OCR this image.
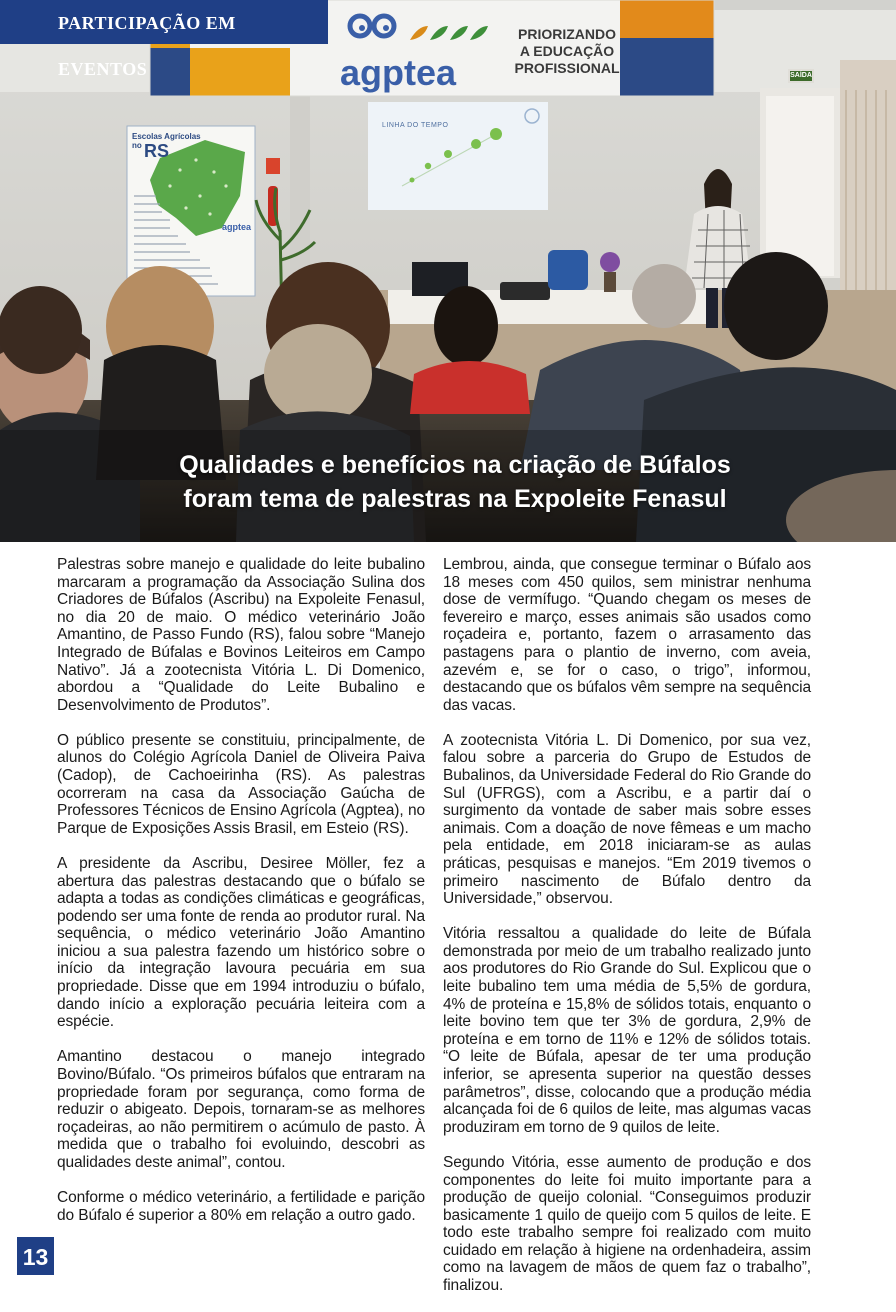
PARTICIPAÇÃO EM EVENTOS	agptea
PRIORIZANDO
A EDUCAÇÃO
PROFISSIONAL	SAÍDA
Escolas Agrícolas no RS
agptea
LINHA DO TEMPO
Qualidades e benefícios na criação de Búfalos
foram tema de palestras na Expoleite Fenasul

Palestras sobre manejo e qualidade do leite bubalino marcaram a programação da Associação Sulina dos Criadores de Búfalos (Ascribu) na Expoleite Fenasul, no dia 20 de maio. O médico veterinário João Amantino, de Passo Fundo (RS), falou sobre “Manejo Integrado de Búfalas e Bovinos Leiteiros em Campo Nativo”. Já a zootecnista Vitória L. Di Domenico, abordou a “Qualidade do Leite Bubalino e Desenvolvimento de Produtos”.

O público presente se constituiu, principalmente, de alunos do Colégio Agrícola Daniel de Oliveira Paiva (Cadop), de Cachoeirinha (RS). As palestras ocorreram na casa da Associação Gaúcha de Professores Técnicos de Ensino Agrícola (Agptea), no Parque de Exposições Assis Brasil, em Esteio (RS).

A presidente da Ascribu, Desiree Möller, fez a abertura das palestras destacando que o búfalo se adapta a todas as condições climáticas e geográficas, podendo ser uma fonte de renda ao produtor rural. Na sequência, o médico veterinário João Amantino iniciou a sua palestra fazendo um histórico sobre o início da integração lavoura pecuária em sua propriedade. Disse que em 1994 introduziu o búfalo, dando início a exploração pecuária leiteira com a espécie.

Amantino destacou o manejo integrado Bovino/Búfalo. “Os primeiros búfalos que entraram na propriedade foram por segurança, como forma de reduzir o abigeato. Depois, tornaram-se as melhores roçadeiras, ao não permitirem o acúmulo de pasto. À medida que o trabalho foi evoluindo, descobri as qualidades deste animal”, contou.

Conforme o médico veterinário, a fertilidade e parição do Búfalo é superior a 80% em relação a outro gado.

Lembrou, ainda, que consegue terminar o Búfalo aos 18 meses com 450 quilos, sem ministrar nenhuma dose de vermífugo. “Quando chegam os meses de fevereiro e março, esses animais são usados como roçadeira e, portanto, fazem o arrasamento das pastagens para o plantio de inverno, com aveia, azevém e, se for o caso, o trigo”, informou, destacando que os búfalos vêm sempre na sequência das vacas.

A zootecnista Vitória L. Di Domenico, por sua vez, falou sobre a parceria do Grupo de Estudos de Bubalinos, da Universidade Federal do Rio Grande do Sul (UFRGS), com a Ascribu, e a partir daí o surgimento da vontade de saber mais sobre esses animais. Com a doação de nove fêmeas e um macho pela entidade, em 2018 iniciaram-se as aulas práticas, pesquisas e manejos. “Em 2019 tivemos o primeiro nascimento de Búfalo dentro da Universidade,” observou.

Vitória ressaltou a qualidade do leite de Búfala demonstrada por meio de um trabalho realizado junto aos produtores do Rio Grande do Sul. Explicou que o leite bubalino tem uma média de 5,5% de gordura, 4% de proteína e 15,8% de sólidos totais, enquanto o leite bovino tem que ter 3% de gordura, 2,9% de proteína e em torno de 11% e 12% de sólidos totais. “O leite de Búfala, apesar de ter uma produção inferior, se apresenta superior na questão desses parâmetros”, disse, colocando que a produção média alcançada foi de 6 quilos de leite, mas algumas vacas produziram em torno de 9 quilos de leite.

Segundo Vitória, esse aumento de produção e dos componentes do leite foi muito importante para a produção de queijo colonial. “Conseguimos produzir basicamente 1 quilo de queijo com 5 quilos de leite. E todo este trabalho sempre foi realizado com muito cuidado em relação à higiene na ordenhadeira, assim como na lavagem de mãos de quem faz o trabalho”, finalizou.

13
